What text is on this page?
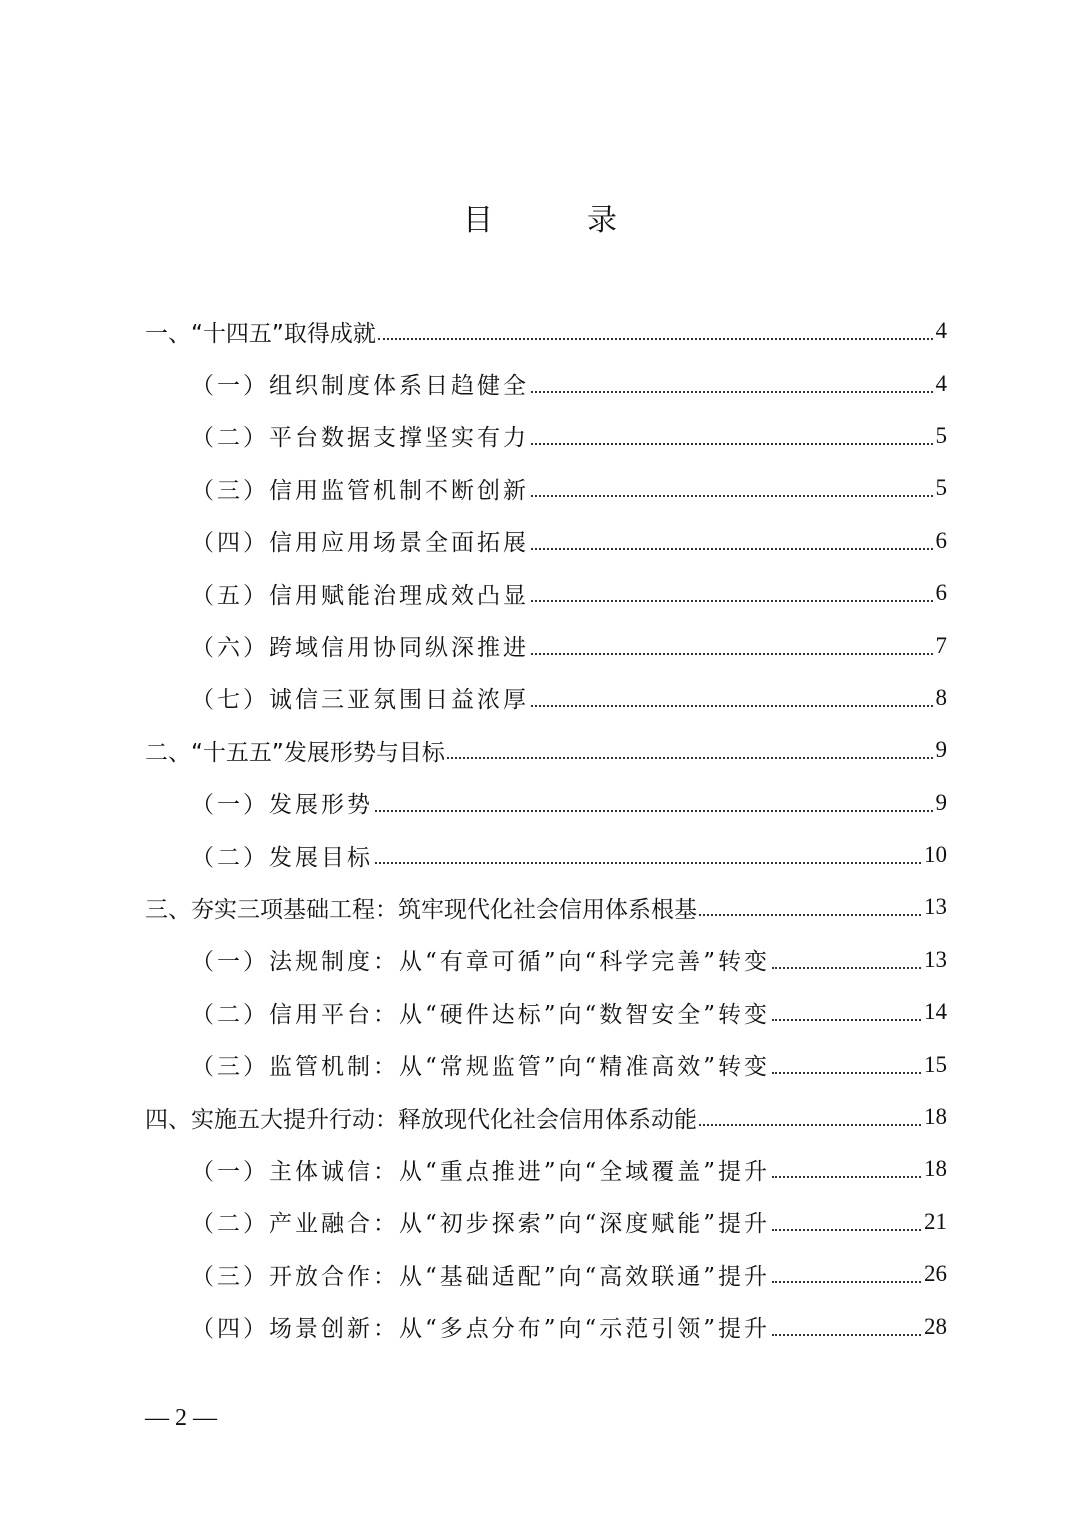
目　录
一、“十四五”取得成就	4
（一）组织制度体系日趋健全	4
（二）平台数据支撑坚实有力	5
（三）信用监管机制不断创新	5
（四）信用应用场景全面拓展	6
（五）信用赋能治理成效凸显	6
（六）跨域信用协同纵深推进	7
（七）诚信三亚氛围日益浓厚	8
二、“十五五”发展形势与目标	9
（一）发展形势	9
（二）发展目标	10
三、夯实三项基础工程：筑牢现代化社会信用体系根基	13
（一）法规制度：从“有章可循”向“科学完善”转变	13
（二）信用平台：从“硬件达标”向“数智安全”转变	14
（三）监管机制：从“常规监管”向“精准高效”转变	15
四、实施五大提升行动：释放现代化社会信用体系动能	18
（一）主体诚信：从“重点推进”向“全域覆盖”提升	18
（二）产业融合：从“初步探索”向“深度赋能”提升	21
（三）开放合作：从“基础适配”向“高效联通”提升	26
（四）场景创新：从“多点分布”向“示范引领”提升	28
— 2 —
